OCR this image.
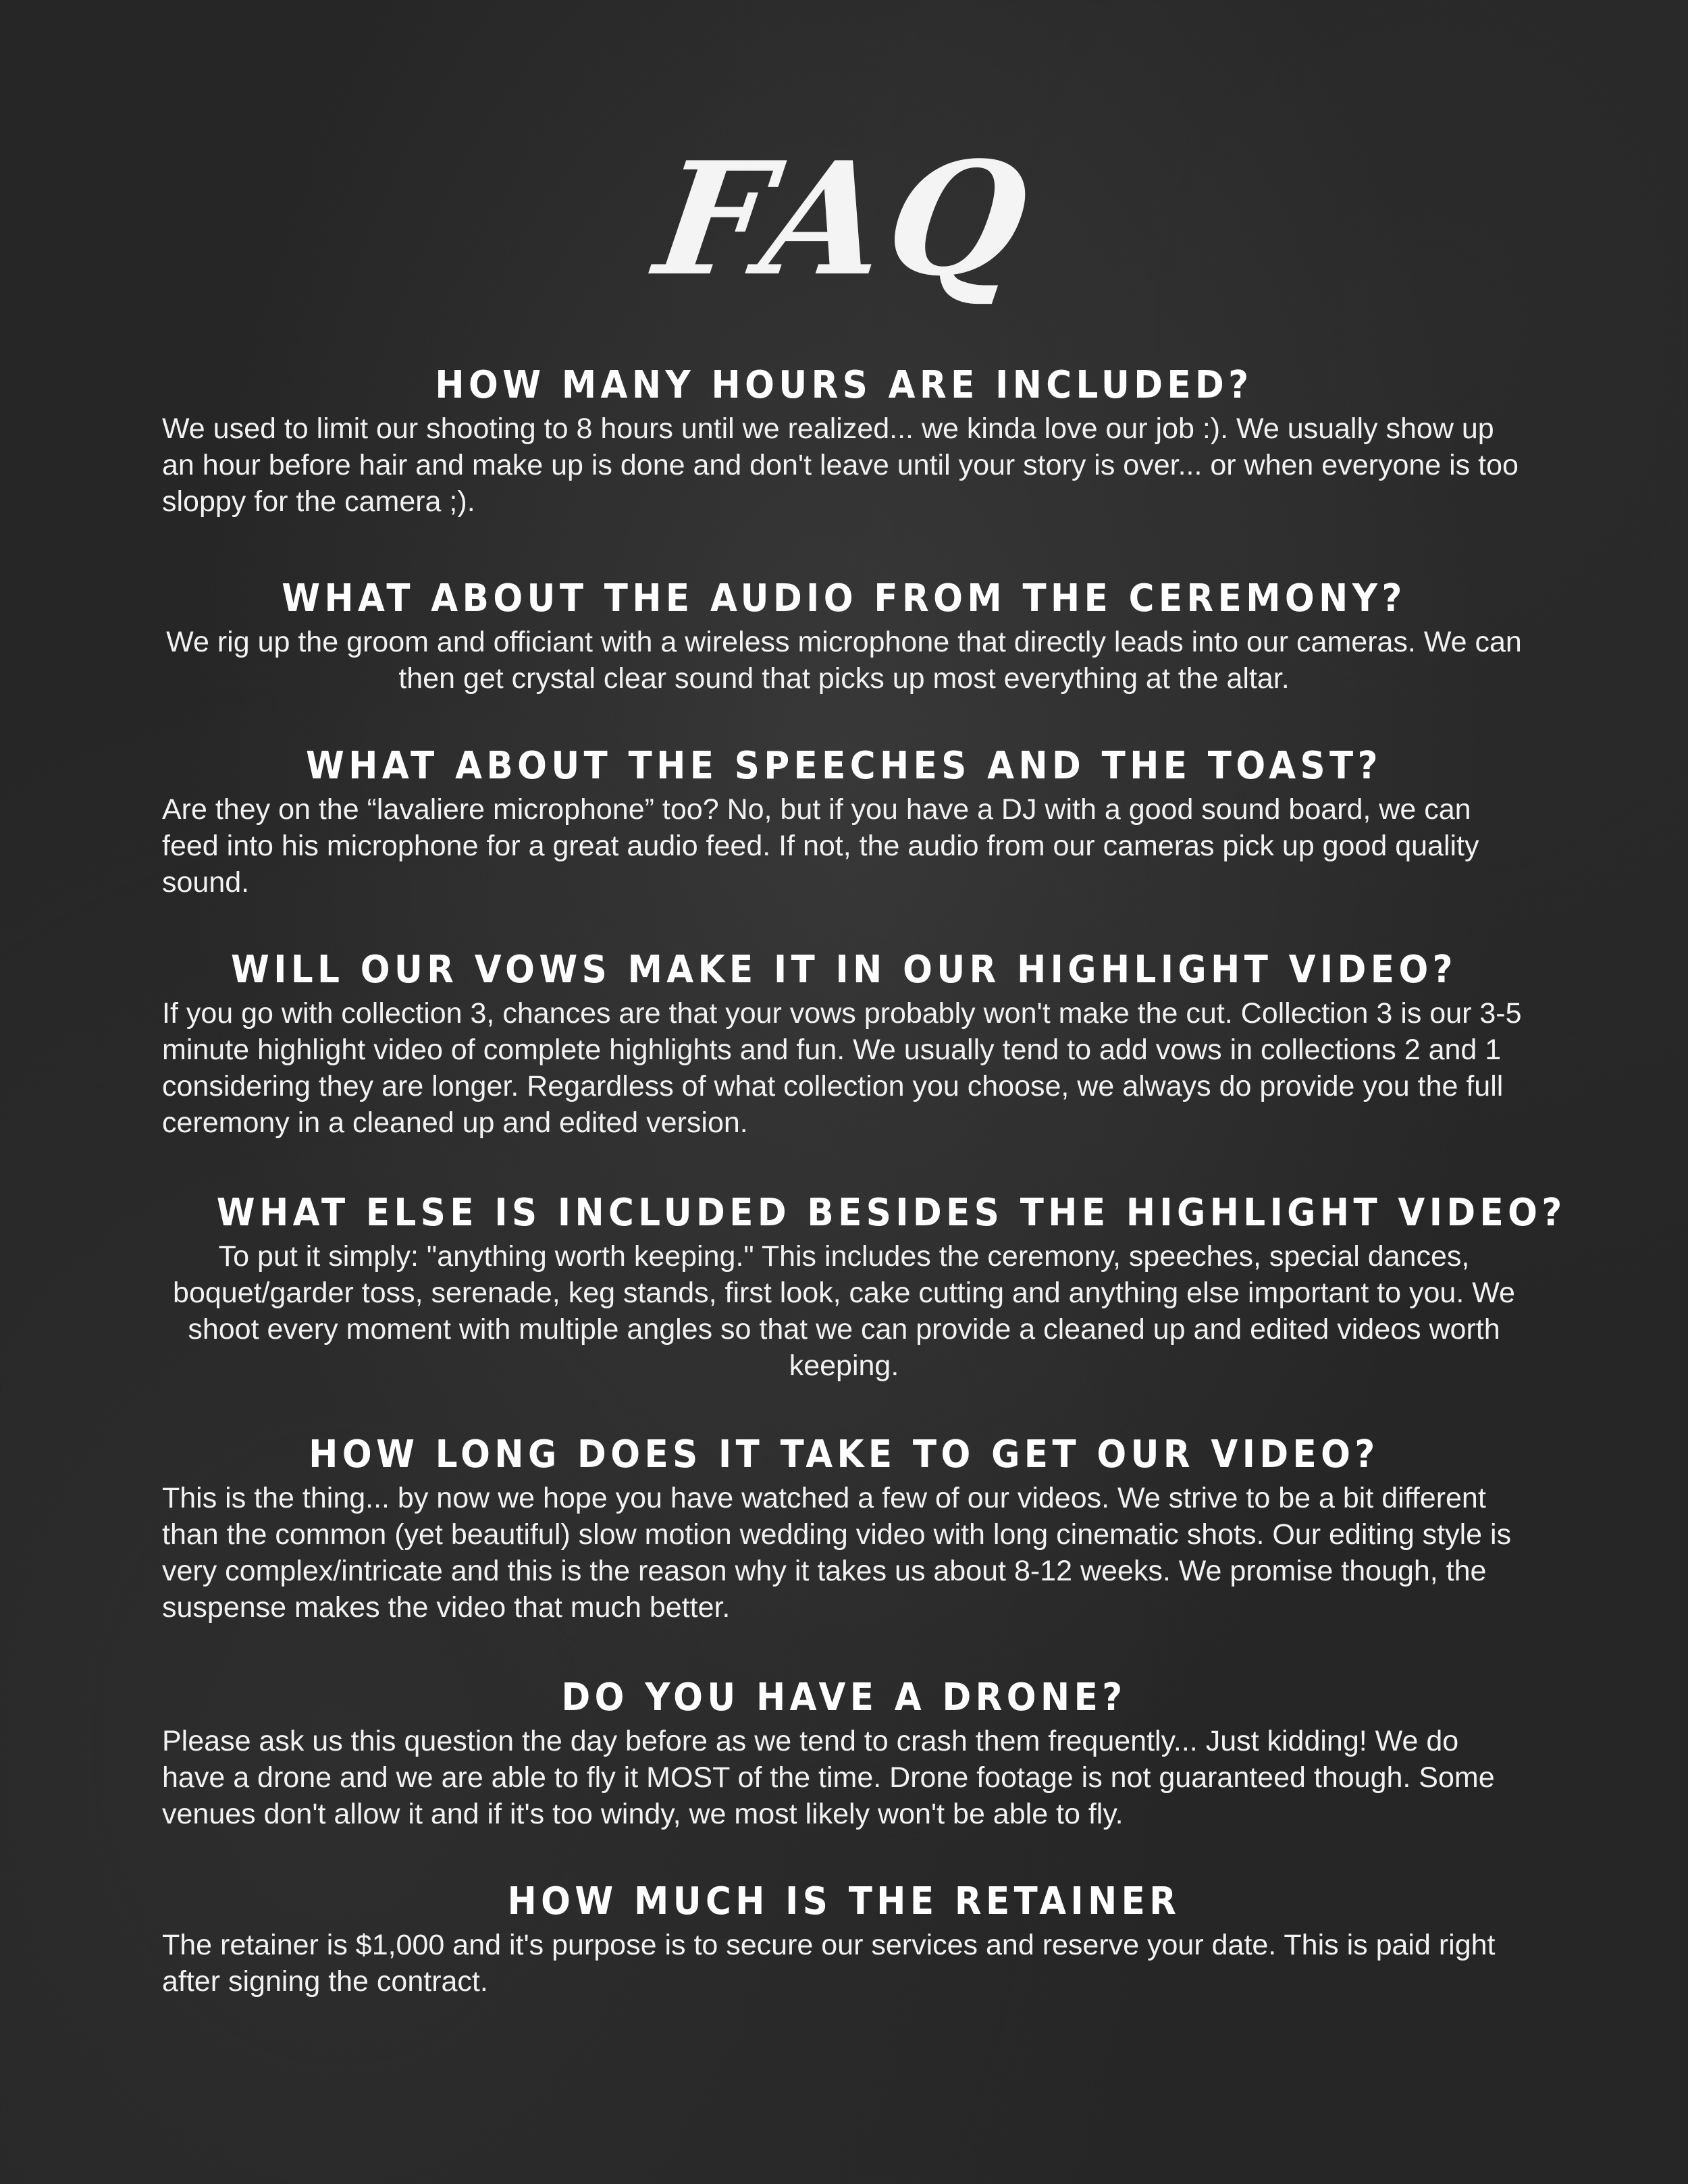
FAQ
HOW MANY HOURS ARE INCLUDED?
We used to limit our shooting to 8 hours until we realized... we kinda love our job :). We usually show up an hour before hair and make up is done and don't leave until your story is over... or when everyone is too sloppy for the camera ;).
WHAT ABOUT THE AUDIO FROM THE CEREMONY?
We rig up the groom and officiant with a wireless microphone that directly leads into our cameras. We can then get crystal clear sound that picks up most everything at the altar.
WHAT ABOUT THE SPEECHES AND THE TOAST?
Are they on the “lavaliere microphone” too? No, but if you have a DJ with a good sound board, we can feed into his microphone for a great audio feed. If not, the audio from our cameras pick up good quality sound.
WILL OUR VOWS MAKE IT IN OUR HIGHLIGHT VIDEO?
If you go with collection 3, chances are that your vows probably won't make the cut. Collection 3 is our 3-5 minute highlight video of complete highlights and fun. We usually tend to add vows in collections 2 and 1 considering they are longer. Regardless of what collection you choose, we always do provide you the full ceremony in a cleaned up and edited version.
WHAT ELSE IS INCLUDED BESIDES THE HIGHLIGHT VIDEO?
To put it simply: "anything worth keeping." This includes the ceremony, speeches, special dances, boquet/garder toss, serenade, keg stands, first look, cake cutting and anything else important to you. We shoot every moment with multiple angles so that we can provide a cleaned up and edited videos worth keeping.
HOW LONG DOES IT TAKE TO GET OUR VIDEO?
This is the thing... by now we hope you have watched a few of our videos. We strive to be a bit different than the common (yet beautiful) slow motion wedding video with long cinematic shots. Our editing style is very complex/intricate and this is the reason why it takes us about 8-12 weeks. We promise though, the suspense makes the video that much better.
DO YOU HAVE A DRONE?
Please ask us this question the day before as we tend to crash them frequently... Just kidding! We do have a drone and we are able to fly it MOST of the time. Drone footage is not guaranteed though. Some venues don't allow it and if it's too windy, we most likely won't be able to fly.
HOW MUCH IS THE RETAINER
The retainer is $1,000 and it's purpose is to secure our services and reserve your date. This is paid right after signing the contract.
